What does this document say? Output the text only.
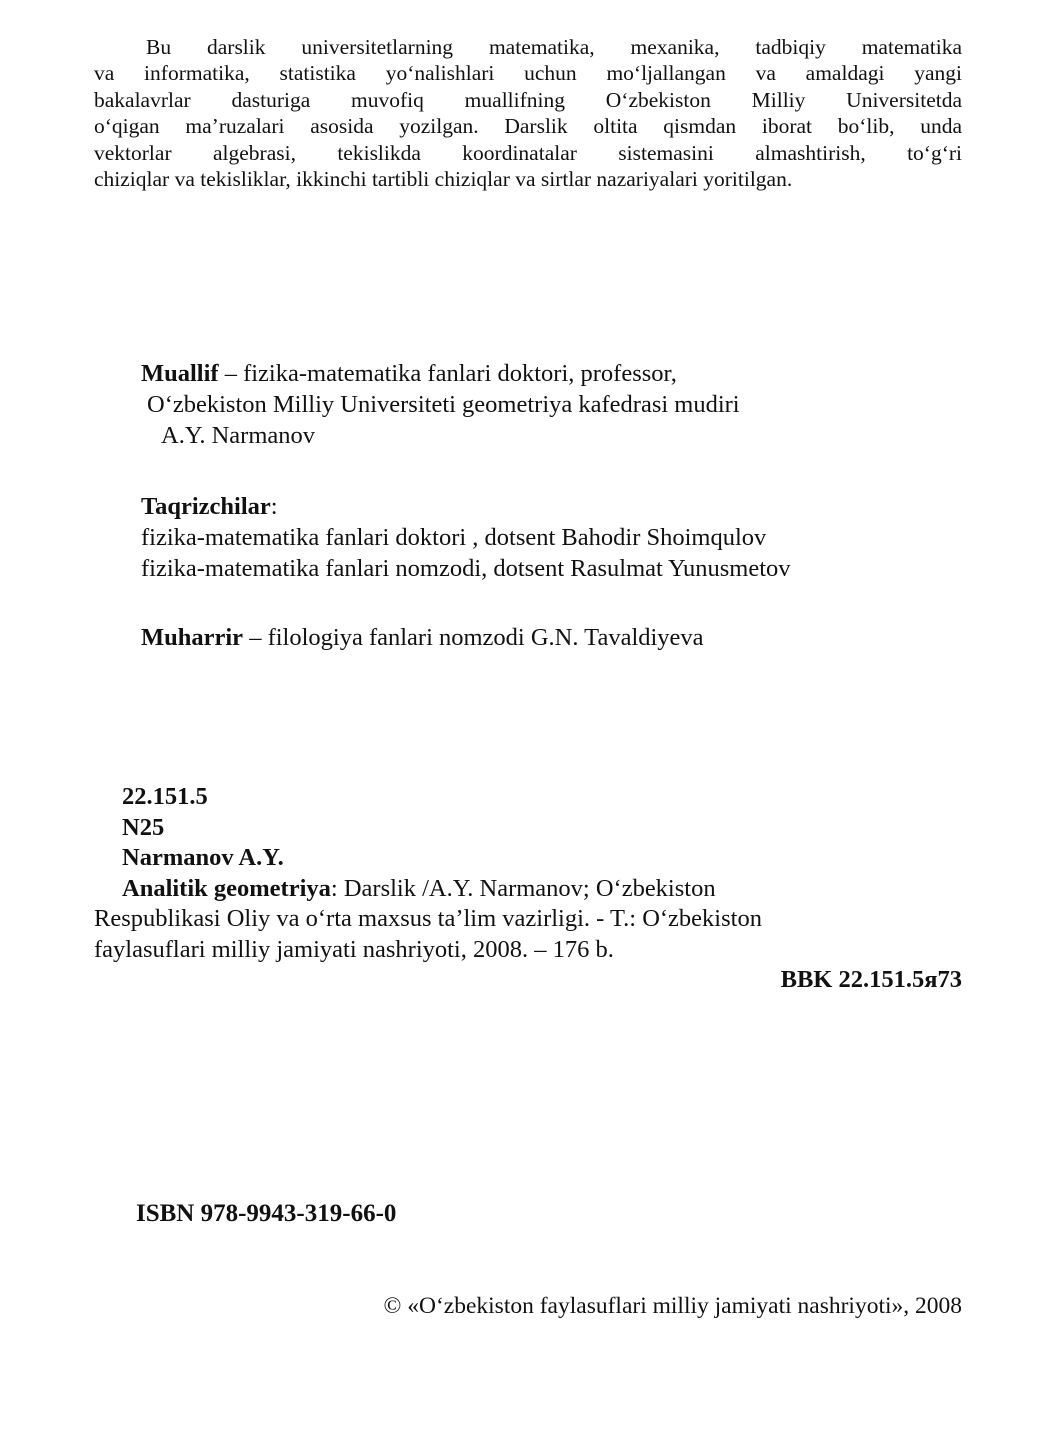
Bu darslik universitetlarning matematika, mexanika, tadbiqiy matematika
va informatika, statistika yo‘nalishlari uchun mo‘ljallangan va amaldagi yangi
bakalavrlar dasturiga muvofiq muallifning O‘zbekiston Milliy Universitetda
o‘qigan ma’ruzalari asosida yozilgan. Darslik oltita qismdan iborat bo‘lib, unda
vektorlar algebrasi, tekislikda koordinatalar sistemasini almashtirish, to‘g‘ri
chiziqlar va tekisliklar, ikkinchi tartibli chiziqlar va sirtlar nazariyalari yoritilgan.
Muallif – fizika-matematika fanlari doktori, professor,
O‘zbekiston Milliy Universiteti geometriya kafedrasi mudiri
A.Y. Narmanov
Taqrizchilar:
fizika-matematika fanlari doktori , dotsent Bahodir Shoimqulov
fizika-matematika fanlari nomzodi, dotsent Rasulmat Yunusmetov
Muharrir – filologiya fanlari nomzodi G.N. Tavaldiyeva
22.151.5
N25
Narmanov A.Y.
Analitik geometriya: Darslik /A.Y. Narmanov; O‘zbekiston
Respublikasi Oliy va o‘rta maxsus ta’lim vazirligi. - T.: O‘zbekiston
faylasuflari milliy jamiyati nashriyoti, 2008. – 176 b.
BBK 22.151.5я73
ISBN 978-9943-319-66-0
© «O‘zbekiston faylasuflari milliy jamiyati nashriyoti», 2008
